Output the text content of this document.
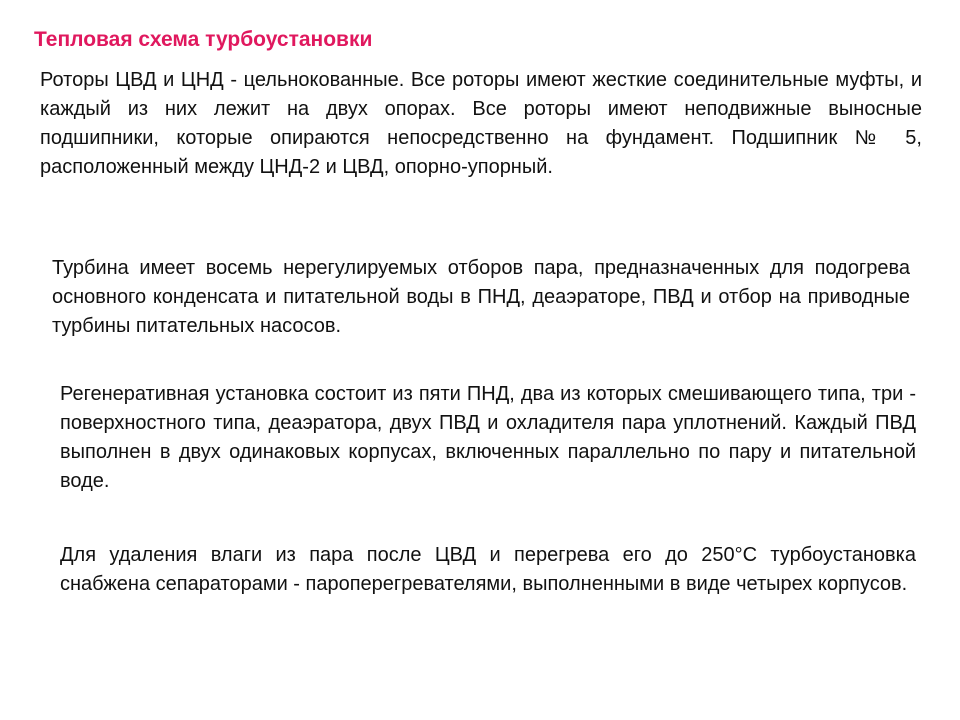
Тепловая схема турбоустановки

Роторы ЦВД и ЦНД - цельнокованные. Все роторы имеют жесткие соединительные муфты, и каждый из них лежит на двух опорах. Все роторы имеют неподвижные выносные подшипники, которые опираются непосредственно на фундамент. Подшипник № 5, расположенный между ЦНД-2 и ЦВД, опорно-упорный.

Турбина имеет восемь нерегулируемых отборов пара, предназначенных для подогрева основного конденсата и питательной воды в ПНД, деаэраторе, ПВД и отбор на приводные турбины питательных насосов.

Регенеративная установка состоит из пяти ПНД, два из которых смешивающего типа, три - поверхностного типа, деаэратора, двух ПВД и охладителя пара уплотнений. Каждый ПВД выполнен в двух одинаковых корпусах, включенных параллельно по пару и питательной воде.

Для удаления влаги из пара после ЦВД и перегрева его до 250°С турбоустановка снабжена сепараторами - пароперегревателями, выполненными в виде четырех корпусов.
